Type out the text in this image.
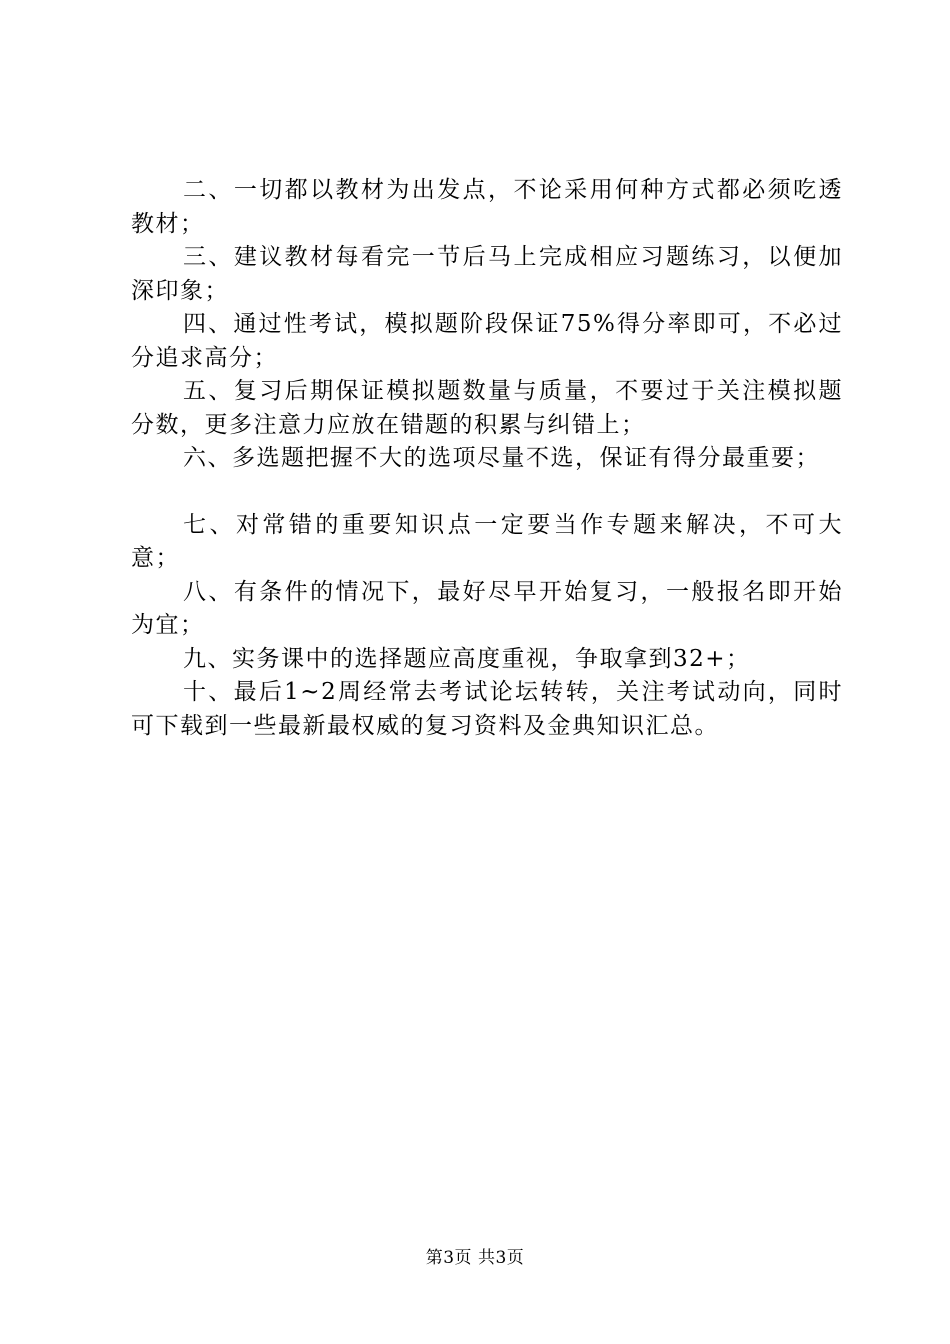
二、一切都以教材为出发点，不论采用何种方式都必须吃透教材；

三、建议教材每看完一节后马上完成相应习题练习，以便加深印象；

四、通过性考试，模拟题阶段保证75%得分率即可，不必过分追求高分；

五、复习后期保证模拟题数量与质量，不要过于关注模拟题分数，更多注意力应放在错题的积累与纠错上；

六、多选题把握不大的选项尽量不选，保证有得分最重要；

七、对常错的重要知识点一定要当作专题来解决，不可大意；

八、有条件的情况下，最好尽早开始复习，一般报名即开始为宜；

九、实务课中的选择题应高度重视，争取拿到32+；

十、最后1~2周经常去考试论坛转转，关注考试动向，同时可下载到一些最新最权威的复习资料及金典知识汇总。

第3页 共3页
